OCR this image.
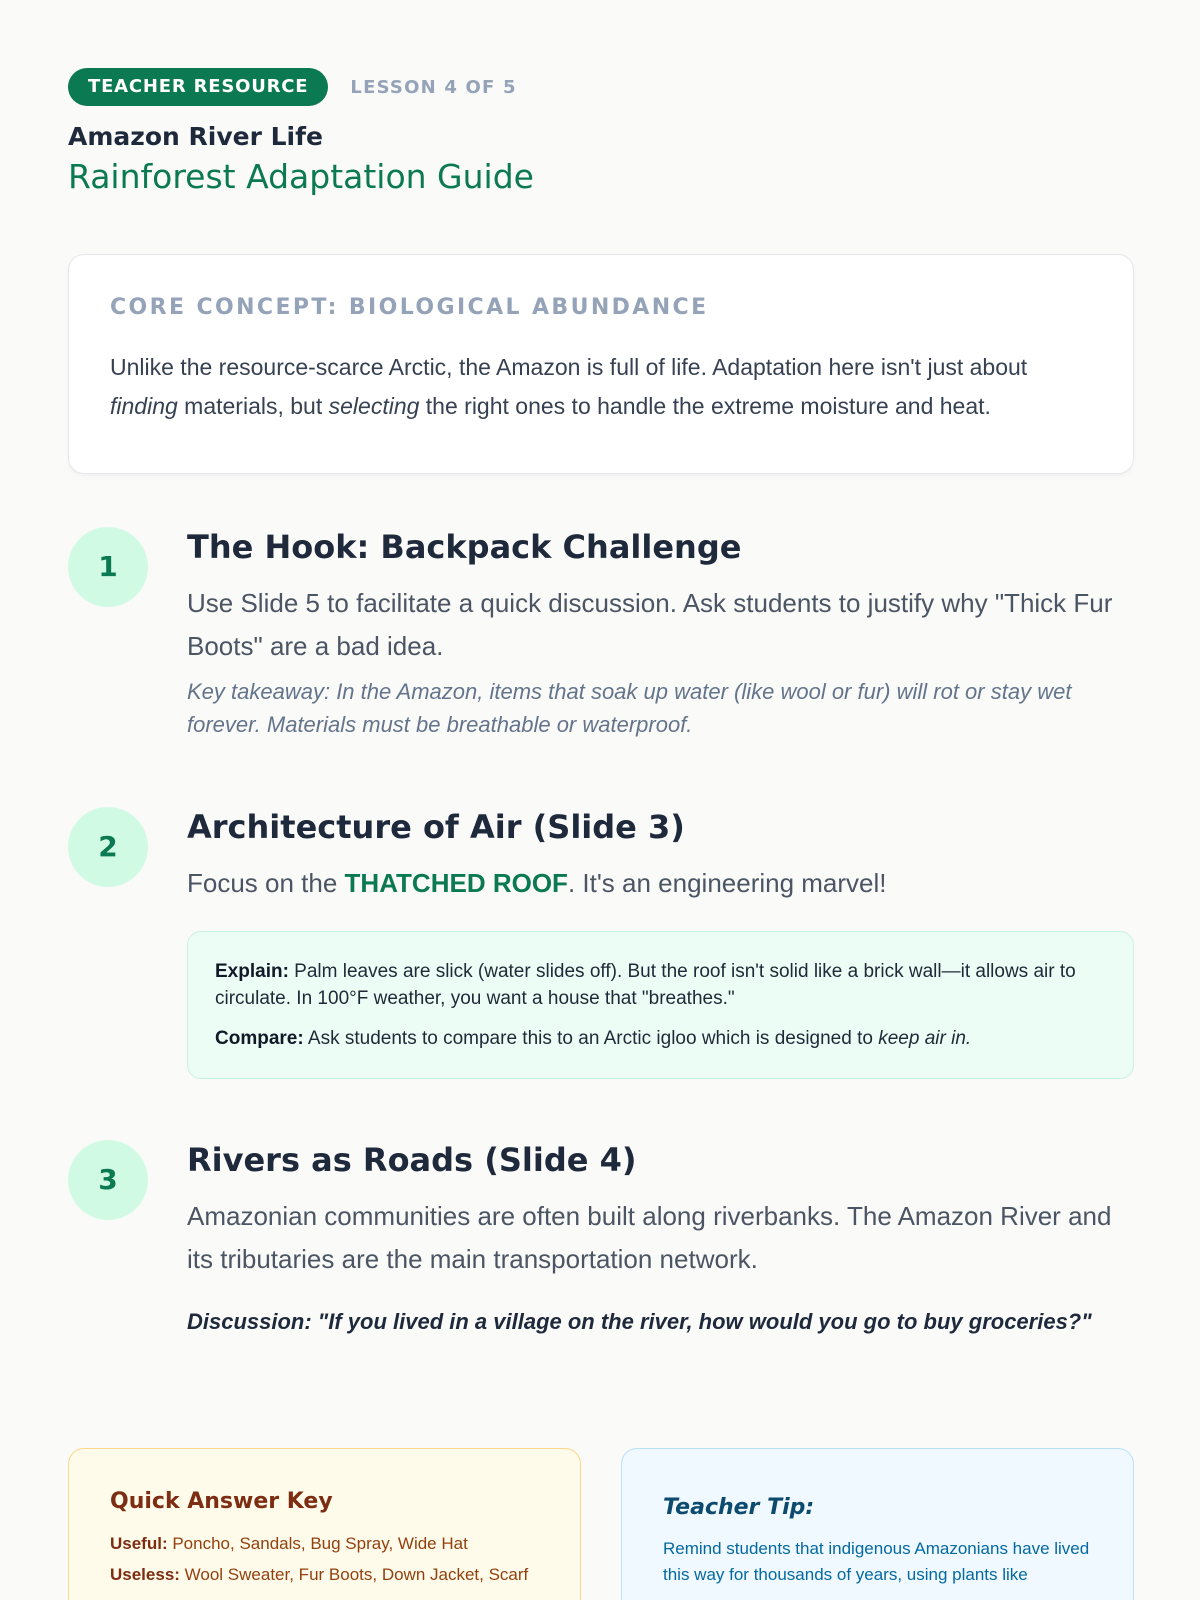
TEACHER RESOURCE	LESSON 4 OF 5
Amazon River Life
Rainforest Adaptation Guide
CORE CONCEPT: BIOLOGICAL ABUNDANCE

Unlike the resource-scarce Arctic, the Amazon is full of life. Adaptation here isn't just about finding materials, but selecting the right ones to handle the extreme moisture and heat.

1
The Hook: Backpack Challenge

Use Slide 5 to facilitate a quick discussion. Ask students to justify why "Thick Fur Boots" are a bad idea.

Key takeaway: In the Amazon, items that soak up water (like wool or fur) will rot or stay wet forever. Materials must be breathable or waterproof.

2
Architecture of Air (Slide 3)

Focus on the THATCHED ROOF. It's an engineering marvel!

Explain: Palm leaves are slick (water slides off). But the roof isn't solid like a brick wall—it allows air to circulate. In 100°F weather, you want a house that "breathes."

Compare: Ask students to compare this to an Arctic igloo which is designed to keep air in.

3
Rivers as Roads (Slide 4)

Amazonian communities are often built along riverbanks. The Amazon River and its tributaries are the main transportation network.

Discussion: "If you lived in a village on the river, how would you go to buy groceries?"

Quick Answer Key

Useful: Poncho, Sandals, Bug Spray, Wide Hat

Useless: Wool Sweater, Fur Boots, Down Jacket, Scarf

Teacher Tip:

Remind students that indigenous Amazonians have lived this way for thousands of years, using plants like
